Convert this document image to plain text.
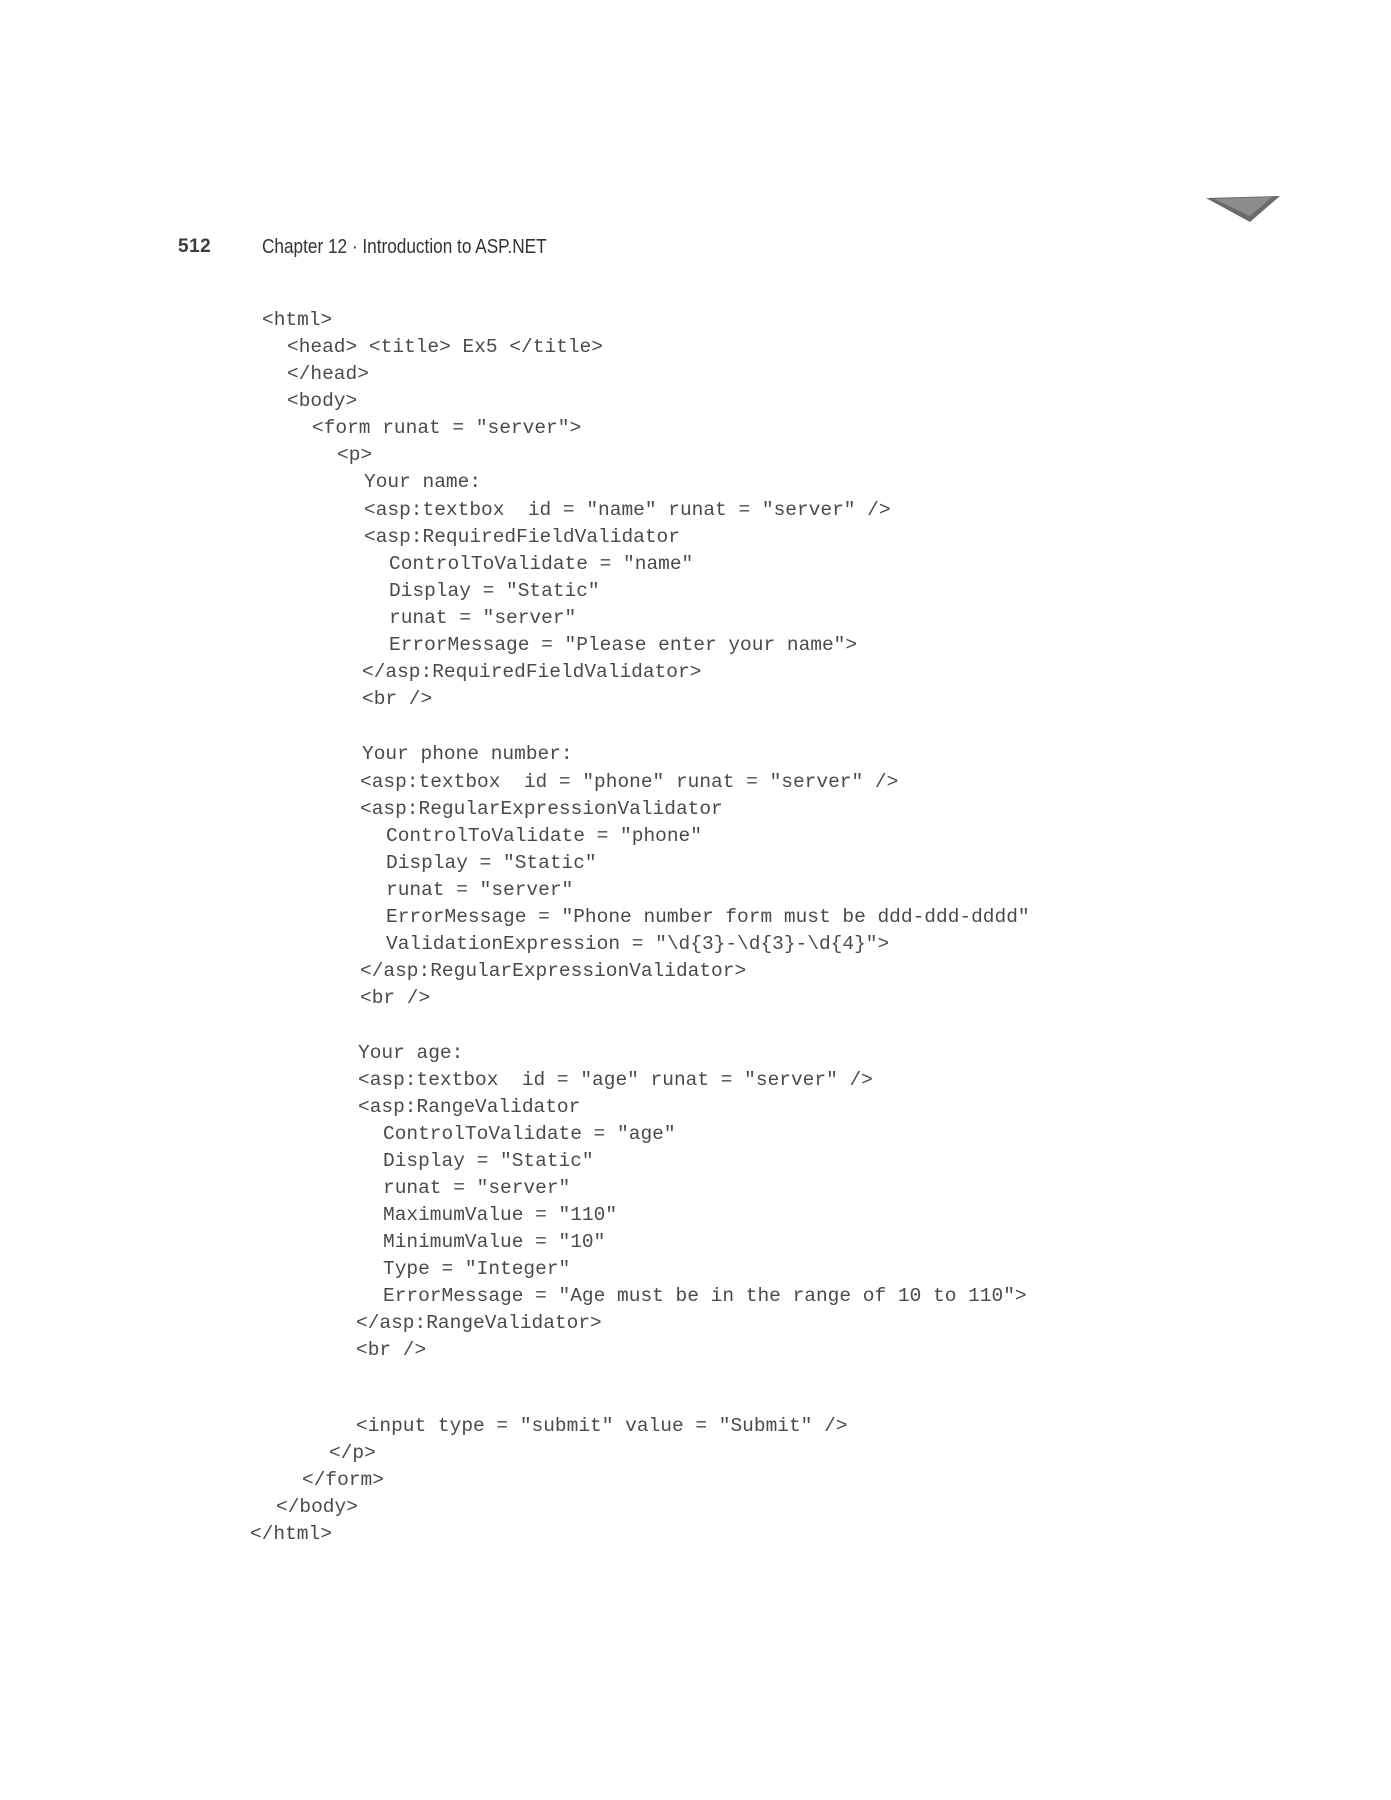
512	Chapter 12 · Introduction to ASP.NET
<html>
<head> <title> Ex5 </title>
</head>
<body>
<form runat = "server">
<p>
Your name:
<asp:textbox  id = "name" runat = "server" />
<asp:RequiredFieldValidator
ControlToValidate = "name"
Display = "Static"
runat = "server"
ErrorMessage = "Please enter your name">
</asp:RequiredFieldValidator>
<br />
Your phone number:
<asp:textbox  id = "phone" runat = "server" />
<asp:RegularExpressionValidator
ControlToValidate = "phone"
Display = "Static"
runat = "server"
ErrorMessage = "Phone number form must be ddd-ddd-dddd"
ValidationExpression = "\d{3}-\d{3}-\d{4}">
</asp:RegularExpressionValidator>
<br />
Your age:
<asp:textbox  id = "age" runat = "server" />
<asp:RangeValidator
ControlToValidate = "age"
Display = "Static"
runat = "server"
MaximumValue = "110"
MinimumValue = "10"
Type = "Integer"
ErrorMessage = "Age must be in the range of 10 to 110">
</asp:RangeValidator>
<br />
<input type = "submit" value = "Submit" />
</p>
</form>
</body>
</html>
